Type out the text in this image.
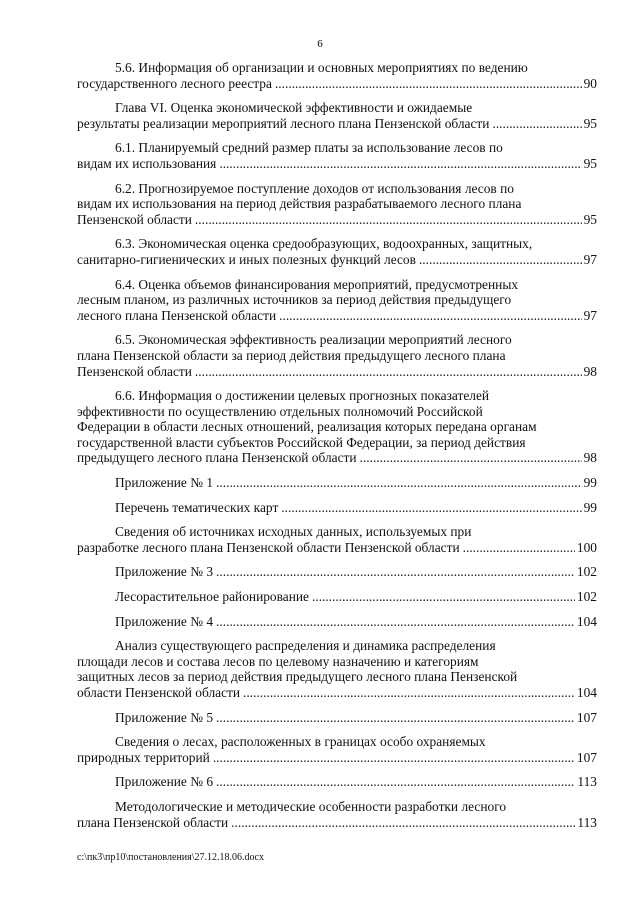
6
5.6. Информация об организации и основных мероприятиях по ведению
государственного лесного реестра .....	90
Глава VI. Оценка экономической эффективности и ожидаемые
результаты реализации мероприятий лесного плана Пензенской области .....	95
6.1. Планируемый средний размер платы за использование лесов по
видам их использования .....	95
6.2. Прогнозируемое поступление доходов от использования лесов по
видам их использования на период действия разрабатываемого лесного плана
Пензенской области .....	95
6.3. Экономическая оценка средообразующих, водоохранных, защитных,
санитарно-гигиенических и иных полезных функций лесов .....	97
6.4. Оценка объемов финансирования мероприятий, предусмотренных
лесным планом, из различных источников за период действия предыдущего
лесного плана Пензенской области .....	97
6.5. Экономическая эффективность реализации мероприятий лесного
плана Пензенской области за период действия предыдущего лесного плана
Пензенской области .....	98
6.6. Информация о достижении целевых прогнозных показателей
эффективности по осуществлению отдельных полномочий Российской
Федерации в области лесных отношений, реализация которых передана органам
государственной власти субъектов Российской Федерации, за период действия
предыдущего лесного плана Пензенской области .....	98
Приложение № 1 .....	99
Перечень тематических карт .....	99
Сведения об источниках исходных данных, используемых при
разработке лесного плана Пензенской области Пензенской области .....	100
Приложение № 3 .....	102
Лесорастительное районирование .....	102
Приложение № 4 .....	104
Анализ существующего распределения и динамика распределения
площади лесов и состава лесов по целевому назначению и категориям
защитных лесов за период действия предыдущего лесного плана Пензенской
области Пензенской области .....	104
Приложение № 5 .....	107
Сведения о лесах, расположенных в границах особо охраняемых
природных территорий .....	107
Приложение № 6 .....	113
Методологические и методические особенности разработки лесного
плана Пензенской области .....	113
c:\пк3\пр10\постановления\27.12.18.06.docx
